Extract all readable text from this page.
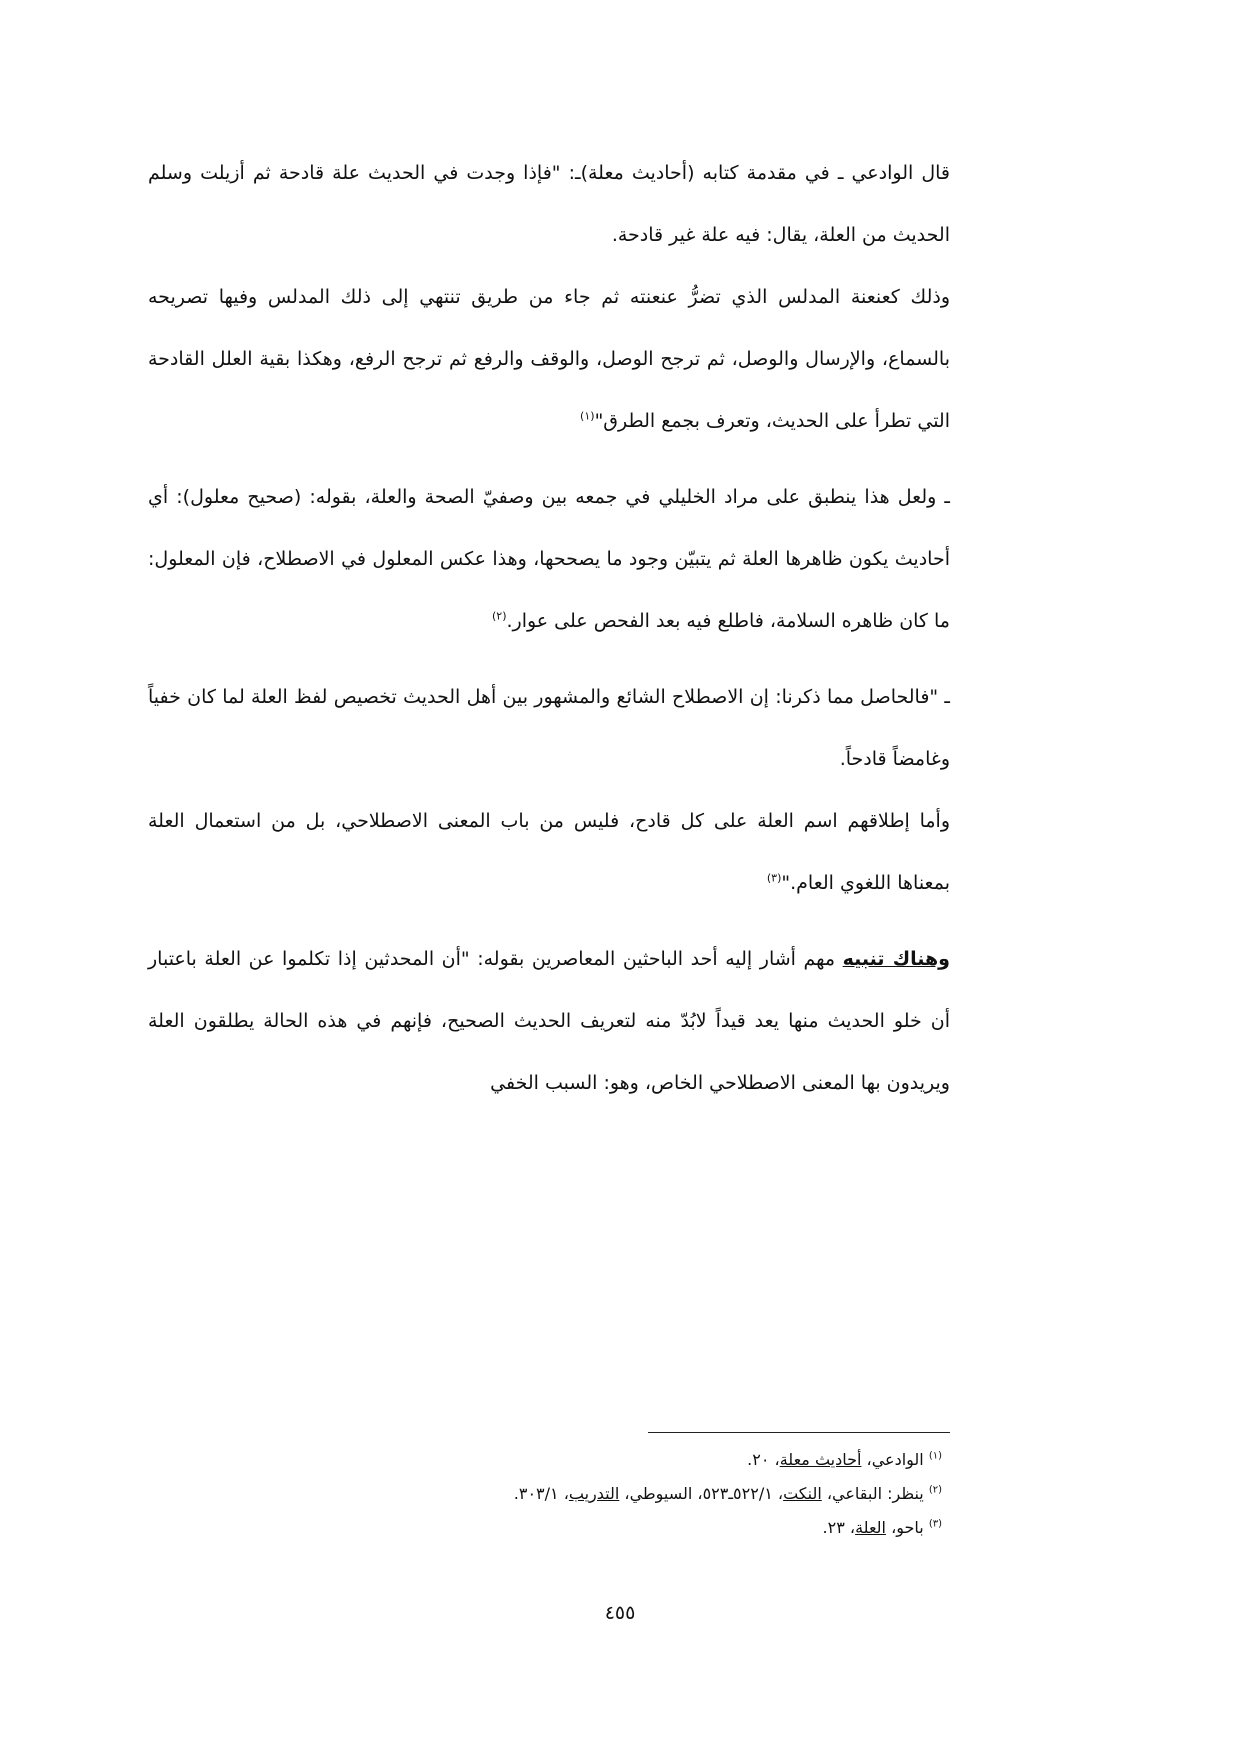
قال الوادعي ـ في مقدمة كتابه (أحاديث معلة)ـ: "فإذا وجدت في الحديث علة قادحة ثم أزيلت وسلم الحديث من العلة، يقال: فيه علة غير قادحة.

وذلك كعنعنة المدلس الذي تضرُّ عنعنته ثم جاء من طريق تنتهي إلى ذلك المدلس وفيها تصريحه بالسماع، والإرسال والوصل، ثم ترجح الوصل، والوقف والرفع ثم ترجح الرفع، وهكذا بقية العلل القادحة التي تطرأ على الحديث، وتعرف بجمع الطرق"$^{(١)}$

ـ ولعل هذا ينطبق على مراد الخليلي في جمعه بين وصفيّ الصحة والعلة، بقوله: (صحيح معلول): أي أحاديث يكون ظاهرها العلة ثم يتبيّن وجود ما يصححها، وهذا عكس المعلول في الاصطلاح، فإن المعلول: ما كان ظاهره السلامة، فاطلع فيه بعد الفحص على عوار.$^{(٢)}$

ـ "فالحاصل مما ذكرنا: إن الاصطلاح الشائع والمشهور بين أهل الحديث تخصيص لفظ العلة لما كان خفياً وغامضاً قادحاً.

وأما إطلاقهم اسم العلة على كل قادح، فليس من باب المعنى الاصطلاحي، بل من استعمال العلة بمعناها اللغوي العام."$^{(٣)}$

وهناك تنبيه مهم أشار إليه أحد الباحثين المعاصرين بقوله: "أن المحدثين إذا تكلموا عن العلة باعتبار أن خلو الحديث منها يعد قيداً لابُدّ منه لتعريف الحديث الصحيح، فإنهم في هذه الحالة يطلقون العلة ويريدون بها المعنى الاصطلاحي الخاص، وهو: السبب الخفي

$^{(١)}$ الوادعي، أحاديث معلة، ٢٠.
$^{(٢)}$ ينظر: البقاعي، النكت، ٥٢٢/١ـ٥٢٣، السيوطي، التدريب، ٣٠٣/١.
$^{(٣)}$ باحو، العلة، ٢٣.
٤٥٥
